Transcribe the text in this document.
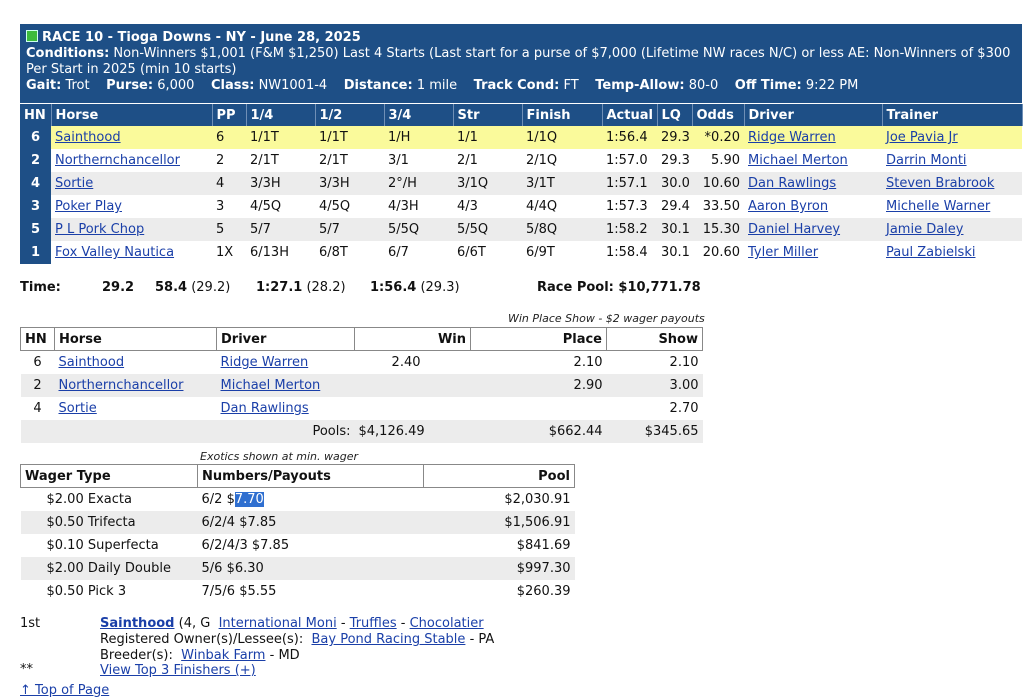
RACE 10 - Tioga Downs - NY - June 28, 2025
Conditions: Non-Winners $1,001 (F&M $1,250) Last 4 Starts (Last start for a purse of $7,000 (Lifetime NW races N/C) or less AE: Non-Winners of $300 Per Start in 2025 (min 10 starts)
Gait: Trot Purse: 6,000 Class: NW1001-4 Distance: 1 mile Track Cond: FT Temp-Allow: 80-0 Off Time: 9:22 PM
HN	Horse	PP	1/4	1/2	3/4	Str	Finish	Actual	LQ	Odds	Driver	Trainer
6	Sainthood	6	1/1T	1/1T	1/H	1/1	1/1Q	1:56.4	29.3	*0.20	Ridge Warren	Joe Pavia Jr
2	Northernchancellor	2	2/1T	2/1T	3/1	2/1	2/1Q	1:57.0	29.3	5.90	Michael Merton	Darrin Monti
4	Sortie	4	3/3H	3/3H	2°/H	3/1Q	3/1T	1:57.1	30.0	10.60	Dan Rawlings	Steven Brabrook
3	Poker Play	3	4/5Q	4/5Q	4/3H	4/3	4/4Q	1:57.3	29.4	33.50	Aaron Byron	Michelle Warner
5	P L Pork Chop	5	5/7	5/7	5/5Q	5/5Q	5/8Q	1:58.2	30.1	15.30	Daniel Harvey	Jamie Daley
1	Fox Valley Nautica	1X	6/13H	6/8T	6/7	6/6T	6/9T	1:58.4	30.1	20.60	Tyler Miller	Paul Zabielski
Time:	29.2 58.4 (29.2) 1:27.1 (28.2) 1:56.4 (29.3)	Race Pool: $10,771.78
Win Place Show - $2 wager payouts
HN	Horse	Driver	Win	Place	Show
6	Sainthood	Ridge Warren	2.40	2.10	2.10
2	Northernchancellor	Michael Merton		2.90	3.00
4	Sortie	Dan Rawlings			2.70
		Pools:	$4,126.49	$662.44	$345.65
Exotics shown at min. wager
Wager Type	Numbers/Payouts	Pool
$2.00 Exacta	6/2 $7.70	$2,030.91
$0.50 Trifecta	6/2/4 $7.85	$1,506.91
$0.10 Superfecta	6/2/4/3 $7.85	$841.69
$2.00 Daily Double	5/6 $6.30	$997.30
$0.50 Pick 3	7/5/6 $5.55	$260.39
1st	Sainthood (4, G International Moni - Truffles - Chocolatier
Registered Owner(s)/Lessee(s): Bay Pond Racing Stable - PA
Breeder(s): Winbak Farm - MD
**	View Top 3 Finishers (+)
↑ Top of Page
